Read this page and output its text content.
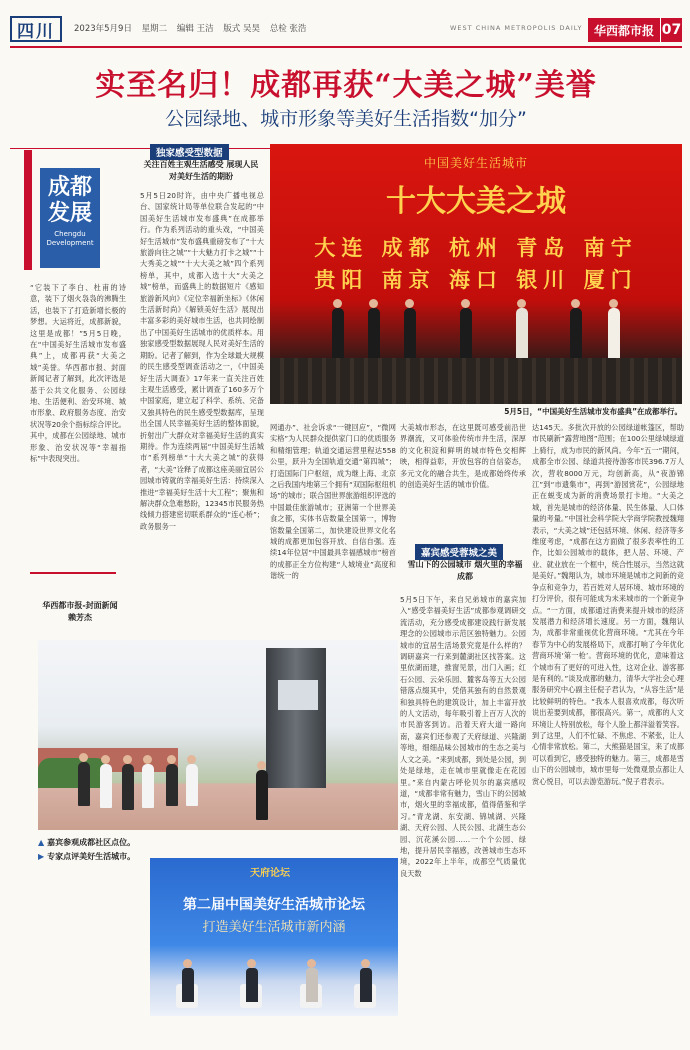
四川	2023年5月9日 星期二 编辑 王洁 版式 吴昊 总检 张浩	WEST CHINA METROPOLIS DAILY 华西都市报 07
实至名归！成都再获“大美之城”美誉
公园绿地、城市形象等美好生活指数“加分”
成都发展
Chengdu Development
“它装下了李白、杜甫的诗意，装下了烟火袅袅的沸腾生活，也装下了打造新增长极的梦想。大运将近，成都新貌，这里是成都！”5月5日晚，在“中国美好生活城市发布盛典”上，成都再获“大美之城”美誉。华西都市报、封面新闻记者了解到，此次评选是基于公共文化服务、公园绿地、生活便利、治安环境、城市形象、政府服务态度、治安状况等20余个指标综合评比。其中，成都在公园绿地、城市形象、治安状况等“幸福指标”中表现突出。
华西都市报-封面新闻
赖芳杰
独家感受型数据
关注百姓主观生活感受 展现人民对美好生活的期盼
5月5日20时许，由中央广播电视总台、国家统计局等单位联合发起的“中国美好生活城市发布盛典”在成都举行。作为系列活动的重头戏，“中国美好生活城市”发布盛典重磅发布了“十大旅游向往之城”“十大魅力打卡之城”“十大秀美之城”“十大大美之城”四个系列榜单，其中，成都入选十大“大美之城”榜单，而盛典上的数据短片《感知旅游新风向》《定位幸福新坐标》《休闲生活新时尚》《解锁美好生活》展现出丰富多彩的美好城市生活，也共同绘制出了中国美好生活城市的优质样本。用独家感受型数据展现人民对美好生活的期盼。记者了解到，作为全球最大规模的民生感受型调查活动之一，《中国美好生活大调查》17年来一直关注百姓主观生活感受，累计调查了160多万个中国家庭，建立起了科学、系统、完备又独具特色的民生感受型数据库，呈现出全国人民幸福美好生活的整体面貌，折射出广大群众对幸福美好生活的真实期待。作为连续两届“中国美好生活城市”系列榜单“十大大美之城”的获得者，“大美”诠释了成都这座美丽宜居公园城市铸就的幸福美好生活：持续深入推进“幸福美好生活十大工程”；聚焦和解决群众急难愁盼，12345市民服务热线倾力搭建密切联系群众的“连心桥”；政务服务一
中国美好生活城市
十大大美之城
大连 成都 杭州 青岛 南宁
贵阳 南京 海口 银川 厦门
5月5日，“中国美好生活城市发布盛典”在成都举行。
网通办”、社会诉求“一键回应”，“微网实格”为人民群众提供家门口的优质服务和精细管理；轨道交通运营里程达558公里，跃升为全国轨道交通“第四城”；打造国际门户枢纽，成为继上海、北京之后我国内地第三个拥有“双国际枢纽机场”的城市；联合国世界旅游组织评选的中国最佳旅游城市；亚洲第一个世界美食之都，实体书店数量全国第一，博物馆数量全国第二，加快建设世界文化名城的成都更加包容开放、自信自强。连续14年位居“中国最具幸福感城市”榜首的成都正全方位构建“人城境业”高度和谐统一的
大美城市形态，在这里既可感受前沿世界潮流，又可体验传统市井生活，深厚的文化积淀和鲜明的城市特色交相辉映，相得益彰，开放包容的自信姿态，多元文化的融合共生，是成都始终传承的创造美好生活的城市价值。
嘉宾感受蓉城之美
雪山下的公园城市 烟火里的幸福成都
5月5日下午，来自兄弟城市的嘉宾加入“感受幸福美好生活”成都参观调研交流活动，充分感受成都建设践行新发展理念的公园城市示范区独特魅力。公园城市的宜居生活场景究竟是什么样的？调研嘉宾一行来到麓湖社区找答案。这里依湖而建，推窗见景，出门入画；红石公园、云朵乐园、麓客岛等五大公园错落点缀其中，凭借其独有的自然景观和独具特色的建筑设计，加上丰富开放的人文活动，每年吸引着上百万人次的市民游客到访。沿着天府大道一路向南，嘉宾们还参观了天府绿道、兴隆湖等地，细细品味公园城市的生态之美与人文之美。“来到成都，到处是公园，到处是绿地，走在城市里就像走在花园里。”来自内蒙古呼伦贝尔的嘉宾感叹道，“成都非常有魅力，雪山下的公园城市，烟火里的幸福成都，值得借鉴和学习。”青龙湖、东安湖、锦城湖、兴隆湖、天府公园、人民公园、北湖生态公园、沉花溪公园……一个个公园、绿地，提升居民幸福感，改善城市生态环境，2022年上半年，成都空气质量优良天数
达145天。多批次开放的公园绿道帐篷区，帮助市民刷新“露营地图”范围；在100公里绿城绿道上骑行，成为市民的新风尚。今年“五一”期间，成都全市公园、绿道共接待游客市民396.7万人次，营收8000万元，均创新高，从“夜游锦江”到“市遗集市”，再到“游园赏花”，公园绿地正在蜕变成为新的消费场景打卡地。“大美之城，首先是城市的经济体量、民生体量、人口体量的考量。”中国社会科学院大学商学院教授魏翔表示，“大美之城”还包括环境、休闲、经济等多维度考虑，“成都在这方面做了很多表率性的工作，比如公园城市的载体，把人居、环境、产业、就业放在一个框中，统合性展示，当然这就是美好。”魏翔认为，城市环境是城市之间新的竞争点和竞争力，若百姓对人居环境、城市环境的打分评价，很有可能成为未来城市的一个新竞争点。“一方面，成都通过消费来提升城市的经济发展潜力和经济增长速度。另一方面，魏翔认为，成都非常重视优化营商环境。“尤其在今年春节为中心的发展格局下，成都打响了今年优化营商环境‘第一枪’。营商环境的优化，意味着这个城市有了更好的可进入性，这对企业、游客都是有利的。”谈及成都的魅力，清华大学社会心理服务研究中心副主任倪子君认为，“从容生活”是比较鲜明的特色。“我本人很喜欢成都，每次听说出差要到成都，都很高兴。第一，成都的人文环境让人特别放松，每个人脸上都洋溢着笑容。到了这里，人们不忙碌、不焦虑、不紧张，让人心情非常放松。第二，大熊猫是国宝，来了成都可以看到它，感受独特的魅力。第三，成都是雪山下的公园城市，城市里每一处微观景点都让人赏心悦目，可以去游览游玩。”倪子君表示。
▲ 嘉宾参观成都社区点位。
▶ 专家点评美好生活城市。
天府论坛
第二届中国美好生活城市论坛
打造美好生活城市新内涵
